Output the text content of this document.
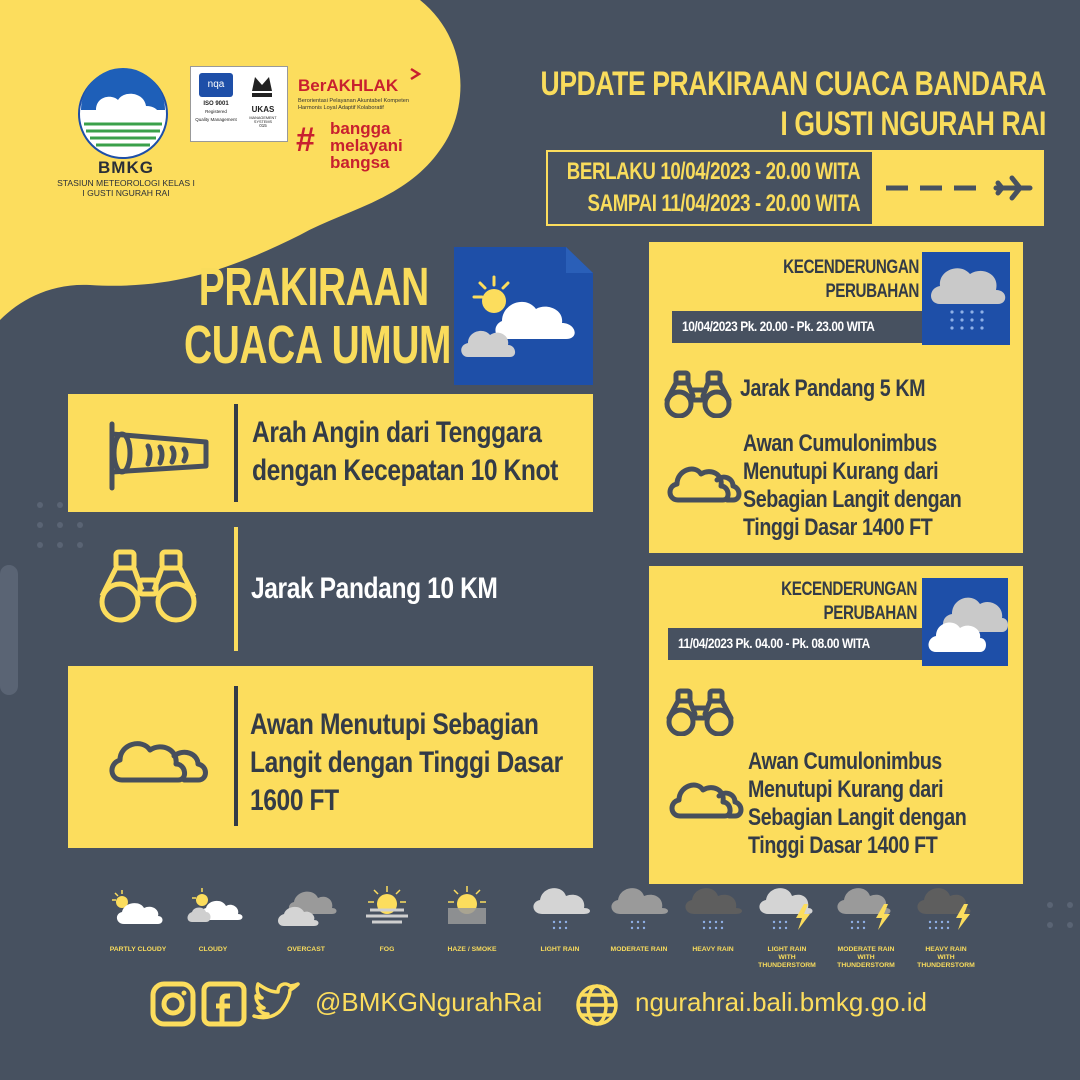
BMKG
STASIUN METEOROLOGI KELAS I
I GUSTI NGURAH RAI
nqa
ISO 9001
Registered
Quality Management
UKAS
MANAGEMENT SYSTEMS
015
BerAKHLAK
Berorientasi Pelayanan Akuntabel Kompeten
Harmonis Loyal Adaptif Kolaboratif
# bangga
melayani
bangsa
UPDATE PRAKIRAAN CUACA BANDARA
I GUSTI NGURAH RAI
BERLAKU 10/04/2023 - 20.00 WITA
SAMPAI 11/04/2023 - 20.00 WITA
PRAKIRAAN
CUACA UMUM
Arah Angin dari Tenggara
dengan Kecepatan 10 Knot
Jarak Pandang 10 KM
Awan Menutupi Sebagian
Langit dengan Tinggi Dasar
1600 FT
KECENDERUNGAN
PERUBAHAN
10/04/2023 Pk. 20.00 - Pk. 23.00 WITA
Jarak Pandang 5 KM
Awan Cumulonimbus
Menutupi Kurang dari
Sebagian Langit dengan
Tinggi Dasar 1400 FT
KECENDERUNGAN
PERUBAHAN
11/04/2023 Pk. 04.00 - Pk. 08.00 WITA
Awan Cumulonimbus
Menutupi Kurang dari
Sebagian Langit dengan
Tinggi Dasar 1400 FT
PARTLY CLOUDY	CLOUDY	OVERCAST	FOG	HAZE / SMOKE	LIGHT RAIN	MODERATE RAIN	HEAVY RAIN	LIGHT RAIN
WITH
THUNDERSTORM
MODERATE RAIN
WITH
THUNDERSTORM
HEAVY RAIN
WITH
THUNDERSTORM
@BMKGNgurahRai	ngurahrai.bali.bmkg.go.id
